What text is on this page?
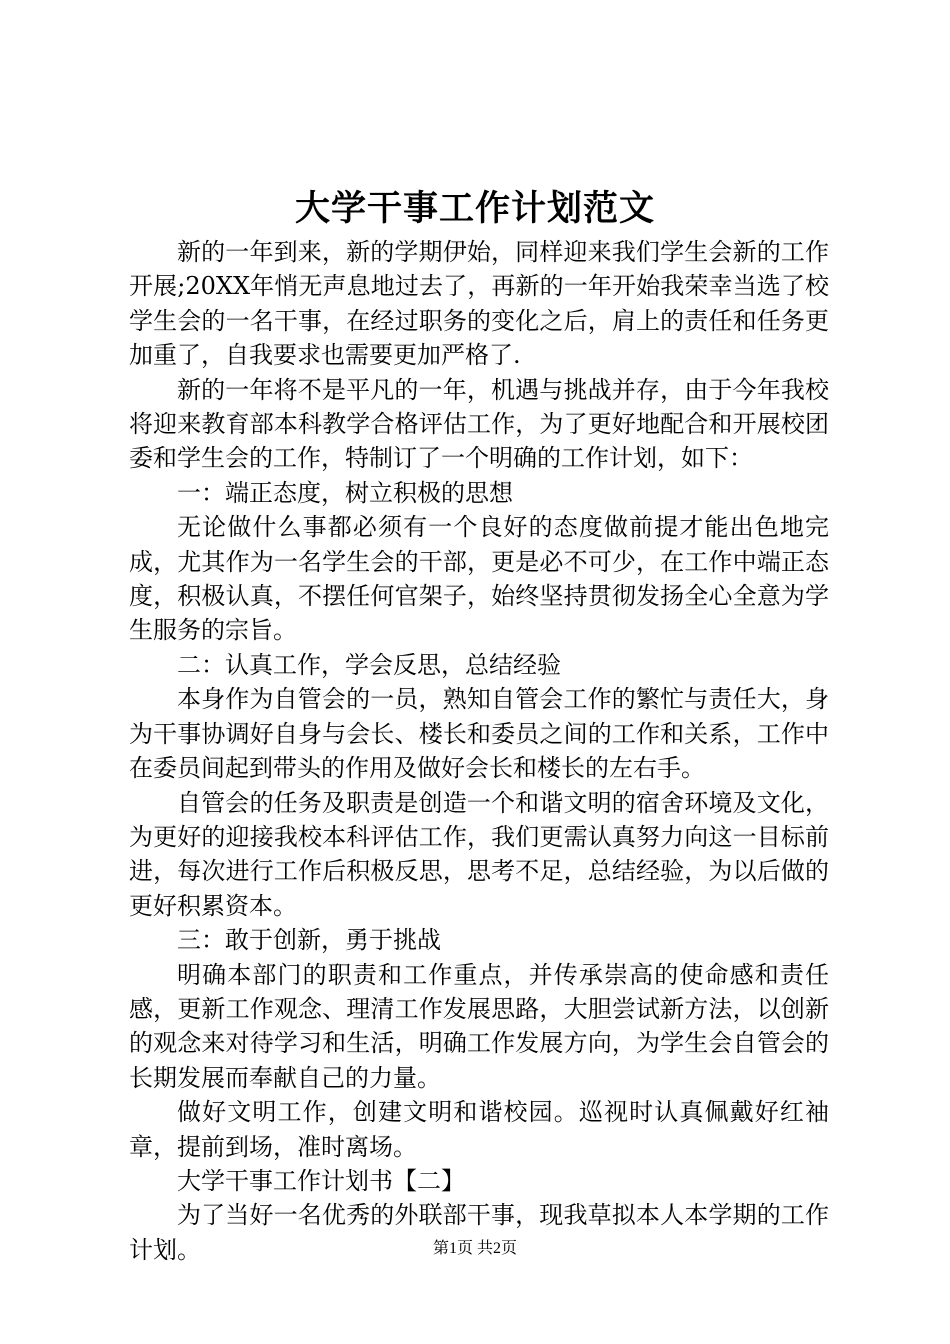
大学干事工作计划范文

新的一年到来，新的学期伊始，同样迎来我们学生会新的工作开展;20XX年悄无声息地过去了，再新的一年开始我荣幸当选了校学生会的一名干事，在经过职务的变化之后，肩上的责任和任务更加重了，自我要求也需要更加严格了.

新的一年将不是平凡的一年，机遇与挑战并存，由于今年我校将迎来教育部本科教学合格评估工作，为了更好地配合和开展校团委和学生会的工作，特制订了一个明确的工作计划，如下：

一：端正态度，树立积极的思想

无论做什么事都必须有一个良好的态度做前提才能出色地完成，尤其作为一名学生会的干部，更是必不可少，在工作中端正态度，积极认真，不摆任何官架子，始终坚持贯彻发扬全心全意为学生服务的宗旨。

二：认真工作，学会反思，总结经验

本身作为自管会的一员，熟知自管会工作的繁忙与责任大，身为干事协调好自身与会长、楼长和委员之间的工作和关系，工作中在委员间起到带头的作用及做好会长和楼长的左右手。

自管会的任务及职责是创造一个和谐文明的宿舍环境及文化，为更好的迎接我校本科评估工作，我们更需认真努力向这一目标前进，每次进行工作后积极反思，思考不足，总结经验，为以后做的更好积累资本。

三：敢于创新，勇于挑战

明确本部门的职责和工作重点，并传承崇高的使命感和责任感，更新工作观念、理清工作发展思路，大胆尝试新方法，以创新的观念来对待学习和生活，明确工作发展方向，为学生会自管会的长期发展而奉献自己的力量。

做好文明工作，创建文明和谐校园。巡视时认真佩戴好红袖章，提前到场，准时离场。

大学干事工作计划书【二】

为了当好一名优秀的外联部干事，现我草拟本人本学期的工作计划。	第1页 共2页
